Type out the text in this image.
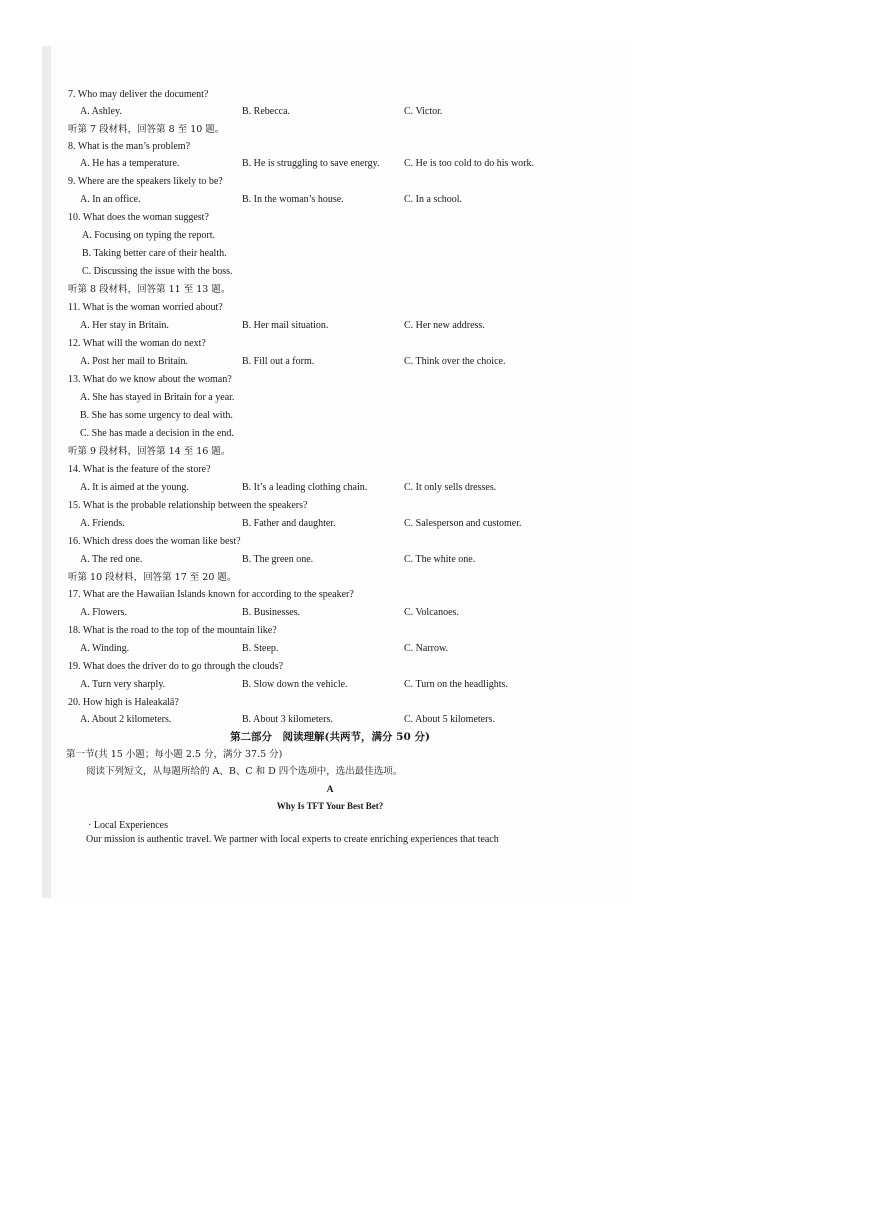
7. Who may deliver the document?
A. Ashley.	B. Rebecca.	C. Victor.
听第 7 段材料，回答第 8 至 10 题。
8. What is the man’s problem?
A. He has a temperature.	B. He is struggling to save energy. C. He is too cold to do his work.
9. Where are the speakers likely to be?
A. In an office.	B. In the woman’s house.	C. In a school.
10. What does the woman suggest?
A. Focusing on typing the report.
B. Taking better care of their health.
C. Discussing the issue with the boss.
听第 8 段材料，回答第 11 至 13 题。
11. What is the woman worried about?
A. Her stay in Britain.	B. Her mail situation.	C. Her new address.
12. What will the woman do next?
A. Post her mail to Britain.	B. Fill out a form.	C. Think over the choice.
13. What do we know about the woman?
A. She has stayed in Britain for a year.
B. She has some urgency to deal with.
C. She has made a decision in the end.
听第 9 段材料，回答第 14 至 16 题。
14. What is the feature of the store?
A. It is aimed at the young.	B. It’s a leading clothing chain.	C. It only sells dresses.
15. What is the probable relationship between the speakers?
A. Friends.	B. Father and daughter.	C. Salesperson and customer.
16. Which dress does the woman like best?
A. The red one.	B. The green one.	C. The white one.
听第 10 段材料，回答第 17 至 20 题。
17. What are the Hawaiian Islands known for according to the speaker?
A. Flowers.	B. Businesses.	C. Volcanoes.
18. What is the road to the top of the mountain like?
A. Winding.	B. Steep.	C. Narrow.
19. What does the driver do to go through the clouds?
A. Turn very sharply.	B. Slow down the vehicle.	C. Turn on the headlights.
20. How high is Haleakalā?
A. About 2 kilometers.	B. About 3 kilometers.	C. About 5 kilometers.
第二部分　阅读理解(共两节，满分 50 分)
第一节(共 15 小题；每小题 2.5 分，满分 37.5 分)
阅读下列短文，从每题所给的 A、B、C 和 D 四个选项中，选出最佳选项。
A
Why Is TFT Your Best Bet?
· Local Experiences
Our mission is authentic travel. We partner with local experts to create enriching experiences that teach
